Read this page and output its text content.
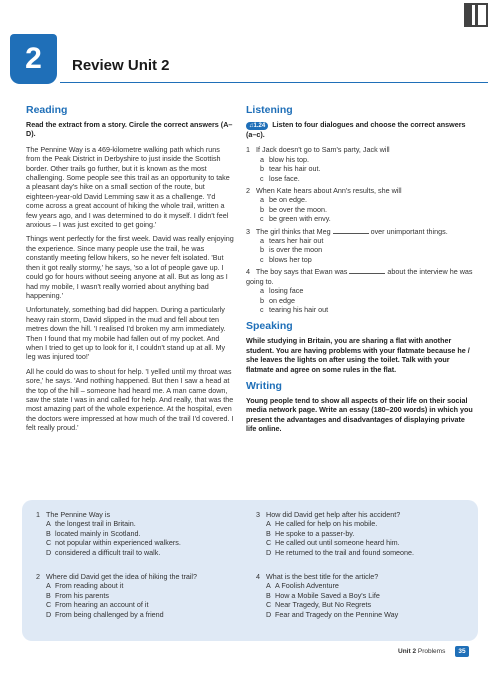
2	Review Unit 2
Reading
Read the extract from a story. Circle the correct answers (A–D).

The Pennine Way is a 469-kilometre walking path which runs from the Peak District in Derbyshire to just inside the Scottish border. Other trails go further, but it is known as the most challenging. Some people see this trail as an opportunity to take a pleasant day's hike on a small section of the route, but eighteen-year-old David Lemming saw it as a challenge. 'I'd come across a great account of hiking the whole trail, written a few years ago, and I was determined to do it myself. I didn't feel anxious – I was just excited to get going.'

Things went perfectly for the first week. David was really enjoying the experience. Since many people use the trail, he was constantly meeting fellow hikers, so he never felt isolated. 'But then it got really stormy,' he says, 'so a lot of people gave up. I could go for hours without seeing anyone at all. But as long as I had my mobile, I wasn't really worried about anything bad happening.'

Unfortunately, something bad did happen. During a particularly heavy rain storm, David slipped in the mud and fell about ten metres down the hill. 'I realised I'd broken my arm immediately. Then I found that my mobile had fallen out of my pocket. And when I tried to get up to look for it, I couldn't stand up at all. My leg was injured too!'

All he could do was to shout for help. 'I yelled until my throat was sore,' he says. 'And nothing happened. But then I saw a head at the top of the hill – someone had heard me. A man came down, saw the state I was in and called for help. And really, that was the most amazing part of the whole experience. At the hospital, even the doctors were impressed at how much of the trail I'd covered. I felt really proud.'

Listening
♫1.24 Listen to four dialogues and choose the correct answers (a–c).
1 If Jack doesn't go to Sam's party, Jack will
a blow his top.
b tear his hair out.
c lose face.
2 When Kate hears about Ann's results, she will
a be on edge.
b be over the moon.
c be green with envy.
3 The girl thinks that Meg	over unimportant things.
a tears her hair out
b is over the moon
c blows her top
4 The boy says that Ewan was	about the interview he was going to.
a losing face
b on edge
c tearing his hair out
Speaking
While studying in Britain, you are sharing a flat with another student. You are having problems with your flatmate because he / she leaves the lights on after using the toilet. Talk with your flatmate and agree on some rules in the flat.
Writing
Young people tend to show all aspects of their life on their social media network page. Write an essay (180–200 words) in which you present the advantages and disadvantages of displaying private life online.
1 The Pennine Way is
A the longest trail in Britain.
B located mainly in Scotland.
C not popular within experienced walkers.
D considered a difficult trail to walk.
2 Where did David get the idea of hiking the trail?
A From reading about it
B From his parents
C From hearing an account of it
D From being challenged by a friend
3 How did David get help after his accident?
A He called for help on his mobile.
B He spoke to a passer-by.
C He called out until someone heard him.
D He returned to the trail and found someone.
4 What is the best title for the article?
A A Foolish Adventure
B How a Mobile Saved a Boy's Life
C Near Tragedy, But No Regrets
D Fear and Tragedy on the Pennine Way
Unit 2 Problems	35
